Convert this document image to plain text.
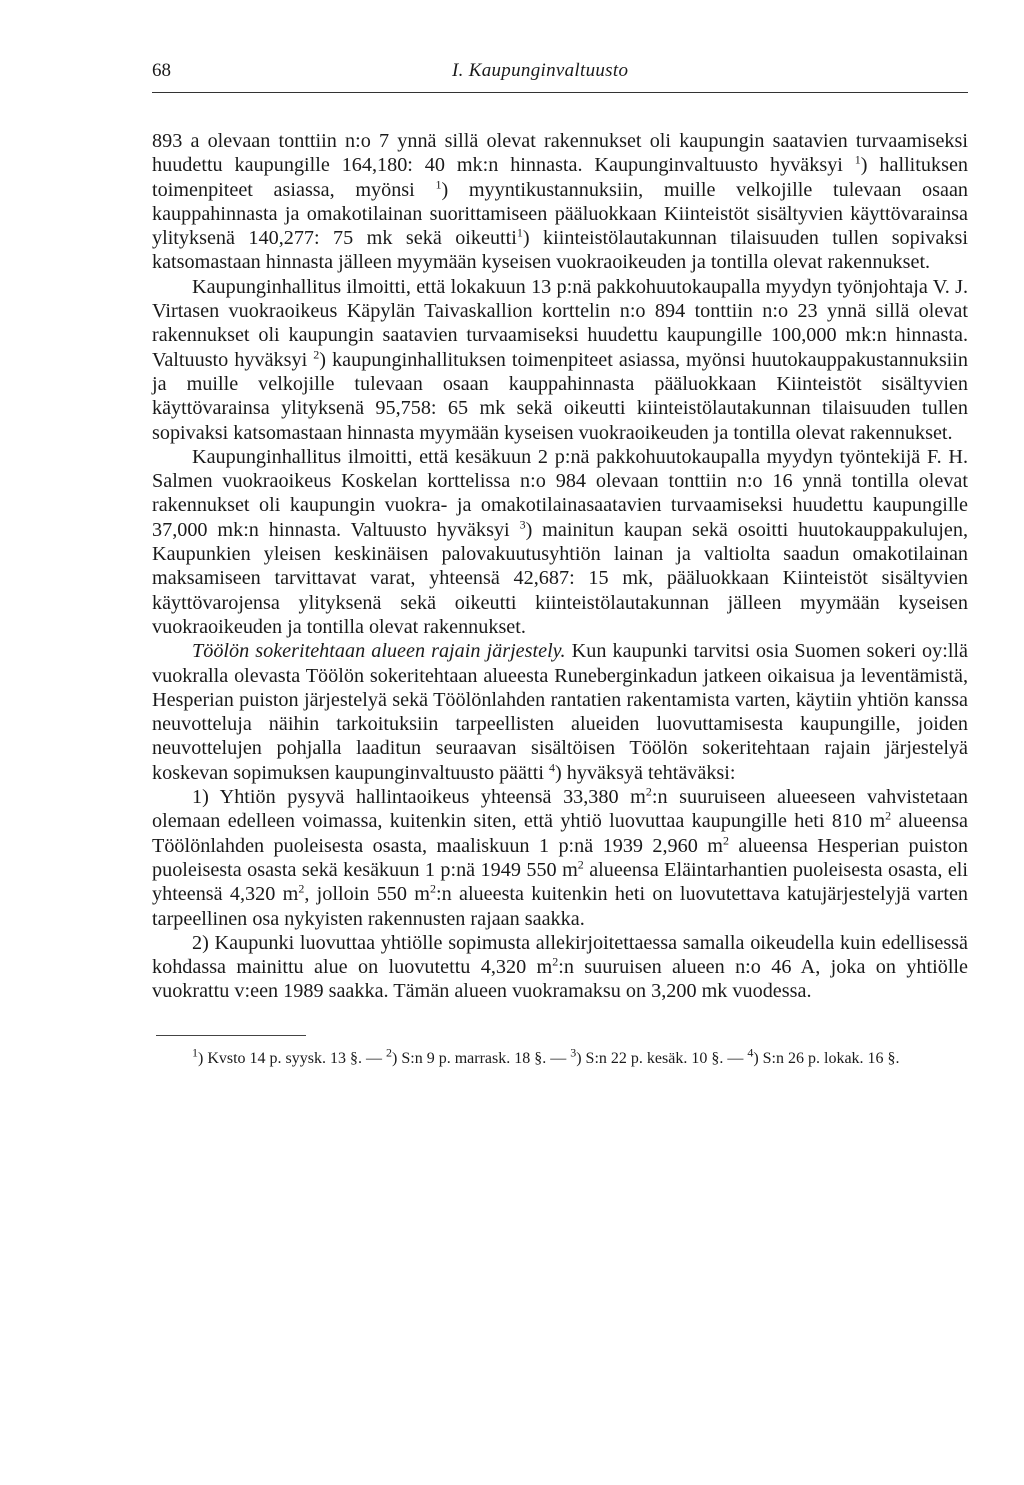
68	I. Kaupunginvaltuusto

893 a olevaan tonttiin n:o 7 ynnä sillä olevat rakennukset oli kaupungin saatavien turvaamiseksi huudettu kaupungille 164,180: 40 mk:n hinnasta. Kaupunginvaltuusto hyväksyi $^1$) hallituksen toimenpiteet asiassa, myönsi $^1$) myyntikustannuksiin, muille velkojille tulevaan osaan kauppahinnasta ja omakotilainan suorittamiseen pääluokkaan Kiinteistöt sisältyvien käyttövarainsa ylityksenä 140,277: 75 mk sekä oikeutti$^1$) kiinteistölautakunnan tilaisuuden tullen sopivaksi katsomastaan hinnasta jälleen myymään kyseisen vuokraoikeuden ja tontilla olevat rakennukset.

Kaupunginhallitus ilmoitti, että lokakuun 13 p:nä pakkohuutokaupalla myydyn työnjohtaja V. J. Virtasen vuokraoikeus Käpylän Taivaskallion korttelin n:o 894 tonttiin n:o 23 ynnä sillä olevat rakennukset oli kaupungin saatavien turvaamiseksi huudettu kaupungille 100,000 mk:n hinnasta. Valtuusto hyväksyi $^2$) kaupunginhallituksen toimenpiteet asiassa, myönsi huutokauppakustannuksiin ja muille velkojille tulevaan osaan kauppahinnasta pääluokkaan Kiinteistöt sisältyvien käyttövarainsa ylityksenä 95,758: 65 mk sekä oikeutti kiinteistölautakunnan tilaisuuden tullen sopivaksi katsomastaan hinnasta myymään kyseisen vuokraoikeuden ja tontilla olevat rakennukset.

Kaupunginhallitus ilmoitti, että kesäkuun 2 p:nä pakkohuutokaupalla myydyn työntekijä F. H. Salmen vuokraoikeus Koskelan korttelissa n:o 984 olevaan tonttiin n:o 16 ynnä tontilla olevat rakennukset oli kaupungin vuokra- ja omakotilainasaatavien turvaamiseksi huudettu kaupungille 37,000 mk:n hinnasta. Valtuusto hyväksyi $^3$) mainitun kaupan sekä osoitti huutokauppakulujen, Kaupunkien yleisen keskinäisen palovakuutusyhtiön lainan ja valtiolta saadun omakotilainan maksamiseen tarvittavat varat, yhteensä 42,687: 15 mk, pääluokkaan Kiinteistöt sisältyvien käyttövarojensa ylityksenä sekä oikeutti kiinteistölautakunnan jälleen myymään kyseisen vuokraoikeuden ja tontilla olevat rakennukset.

Töölön sokeritehtaan alueen rajain järjestely. Kun kaupunki tarvitsi osia Suomen sokeri oy:llä vuokralla olevasta Töölön sokeritehtaan alueesta Runeberginkadun jatkeen oikaisua ja leventämistä, Hesperian puiston järjestelyä sekä Töölönlahden rantatien rakentamista varten, käytiin yhtiön kanssa neuvotteluja näihin tarkoituksiin tarpeellisten alueiden luovuttamisesta kaupungille, joiden neuvottelujen pohjalla laaditun seuraavan sisältöisen Töölön sokeritehtaan rajain järjestelyä koskevan sopimuksen kaupunginvaltuusto päätti $^4$) hyväksyä tehtäväksi:

1) Yhtiön pysyvä hallintaoikeus yhteensä 33,380 $m^2:n$ suuruiseen alueeseen vahvistetaan olemaan edelleen voimassa, kuitenkin siten, että yhtiö luovuttaa kaupungille heti 810 $m^2$ alueensa Töölönlahden puoleisesta osasta, maaliskuun 1 p:nä 1939 2,960 $m^2$ alueensa Hesperian puiston puoleisesta osasta sekä kesäkuun 1 p:nä 1949 550 $m^2$ alueensa Eläintarhantien puoleisesta osasta, eli yhteensä 4,320 $m^2$, jolloin 550 $m^2:n$ alueesta kuitenkin heti on luovutettava katujärjestelyjä varten tarpeellinen osa nykyisten rakennusten rajaan saakka.

2) Kaupunki luovuttaa yhtiölle sopimusta allekirjoitettaessa samalla oikeudella kuin edellisessä kohdassa mainittu alue on luovutettu 4,320 $m^2:n$ suuruisen alueen n:o 46 A, joka on yhtiölle vuokrattu v:een 1989 saakka. Tämän alueen vuokramaksu on 3,200 mk vuodessa.

$^1$) Kvsto 14 p. syysk. 13 §. — $^2$) S:n 9 p. marrask. 18 §. — $^3$) S:n 22 p. kesäk. 10 §. — $^4$) S:n 26 p. lokak. 16 §.
